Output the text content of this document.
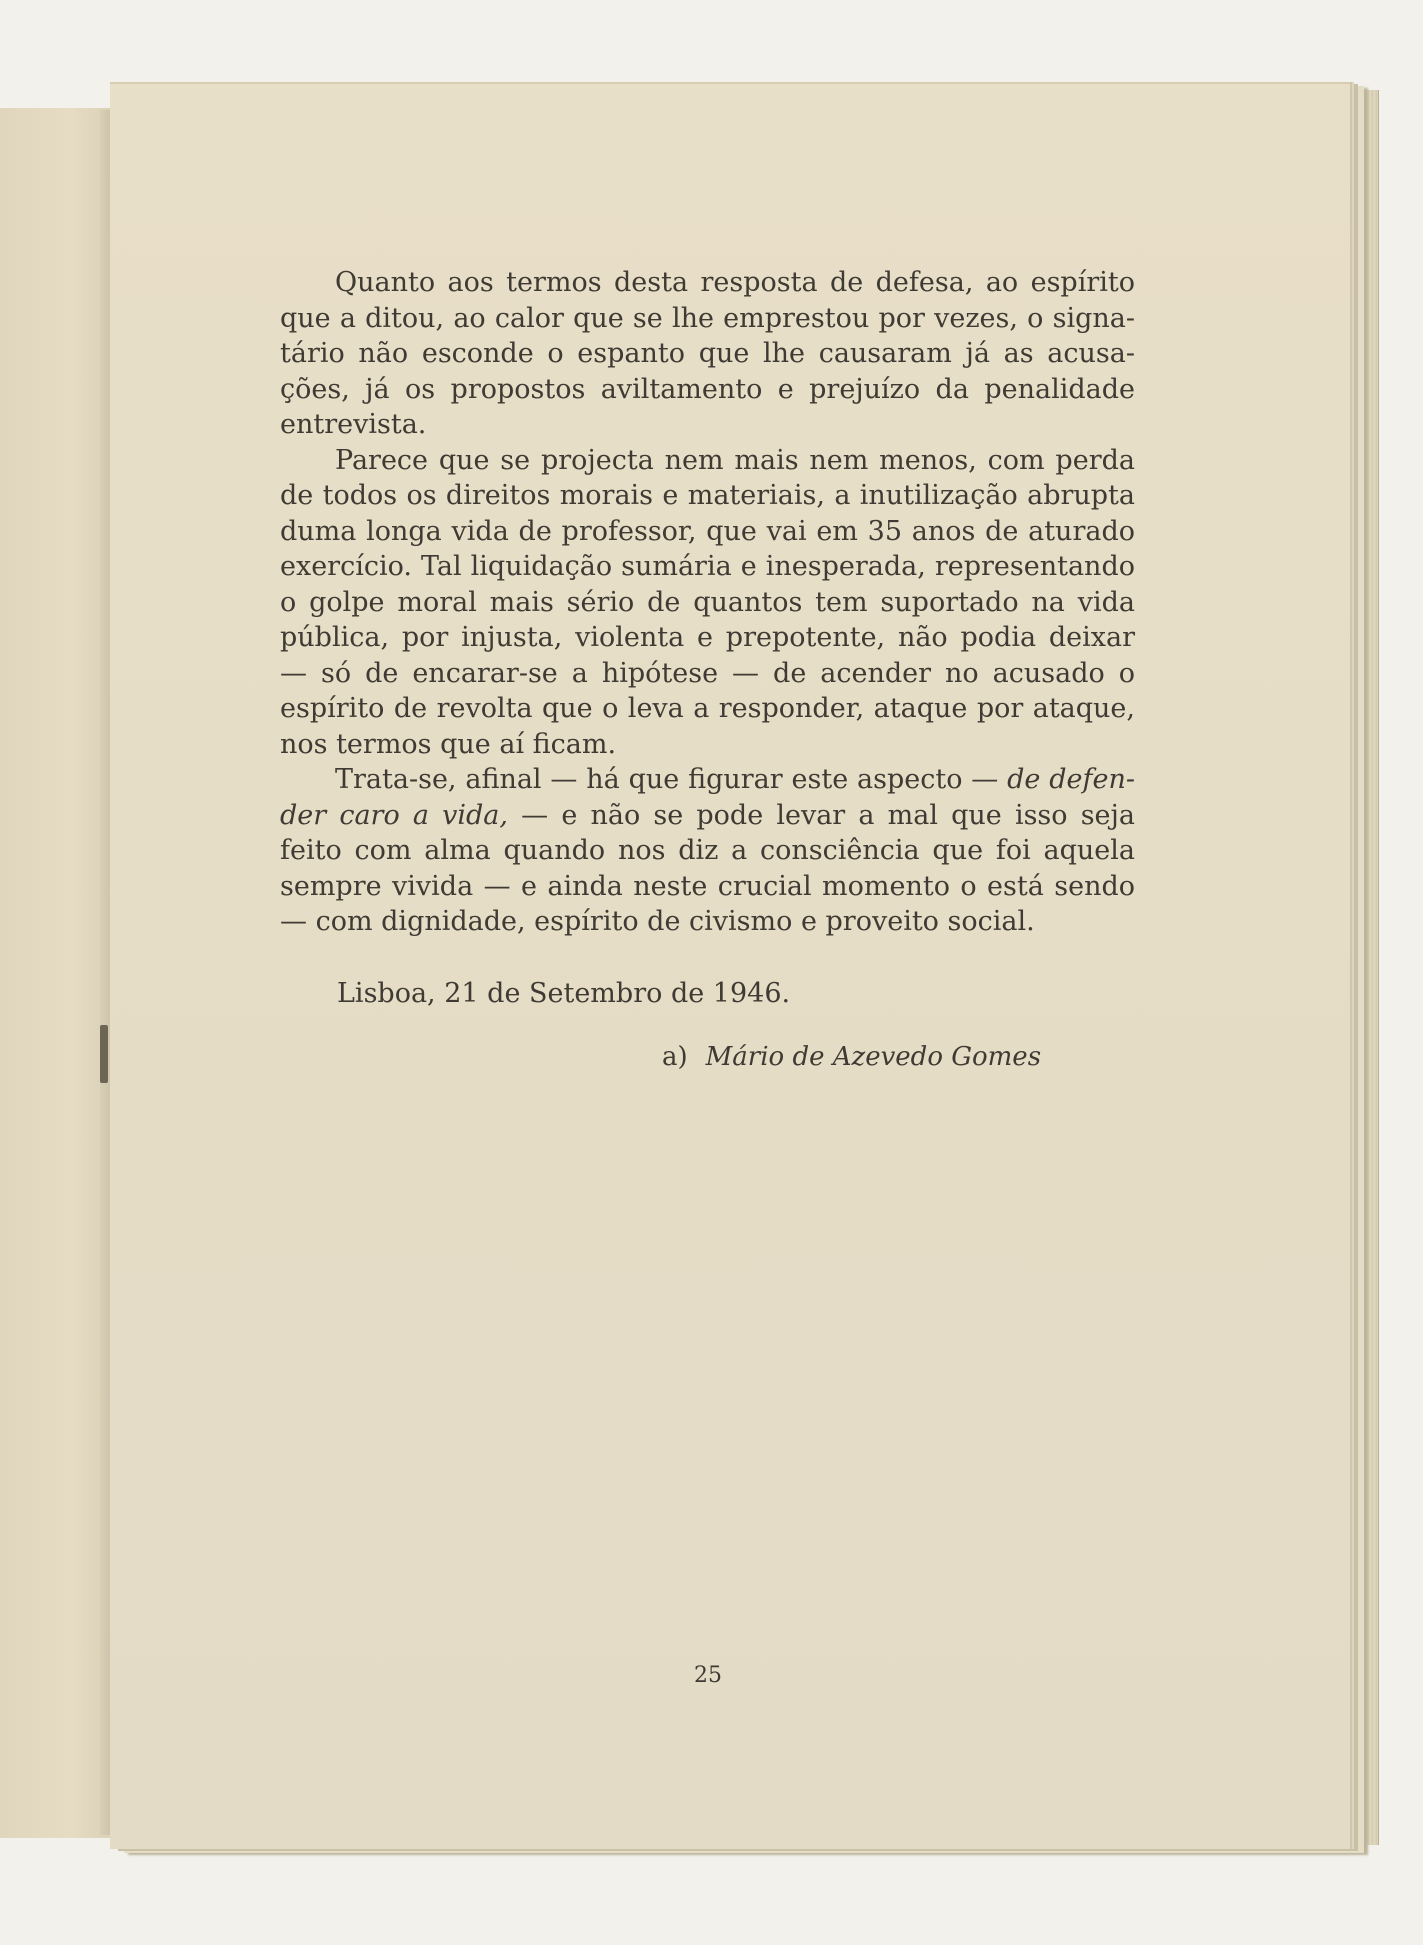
Quanto aos termos desta resposta de defesa, ao espírito que a ditou, ao calor que se lhe emprestou por vezes, o signatário não esconde o espanto que lhe causaram já as acusações, já os propostos aviltamento e prejuízo da penalidade entrevista.

Parece que se projecta nem mais nem menos, com perda de todos os direitos morais e materiais, a inutilização abrupta duma longa vida de professor, que vai em 35 anos de aturado exercício. Tal liquidação sumária e inesperada, representando o golpe moral mais sério de quantos tem suportado na vida pública, por injusta, violenta e prepotente, não podia deixar — só de encarar-se a hipótese — de acender no acusado o espírito de revolta que o leva a responder, ataque por ataque, nos termos que aí ficam.

Trata-se, afinal — há que figurar este aspecto — de defender caro a vida, — e não se pode levar a mal que isso seja feito com alma quando nos diz a consciência que foi aquela sempre vivida — e ainda neste crucial momento o está sendo — com dignidade, espírito de civismo e proveito social.

Lisboa, 21 de Setembro de 1946.

a) Mário de Azevedo Gomes

25
